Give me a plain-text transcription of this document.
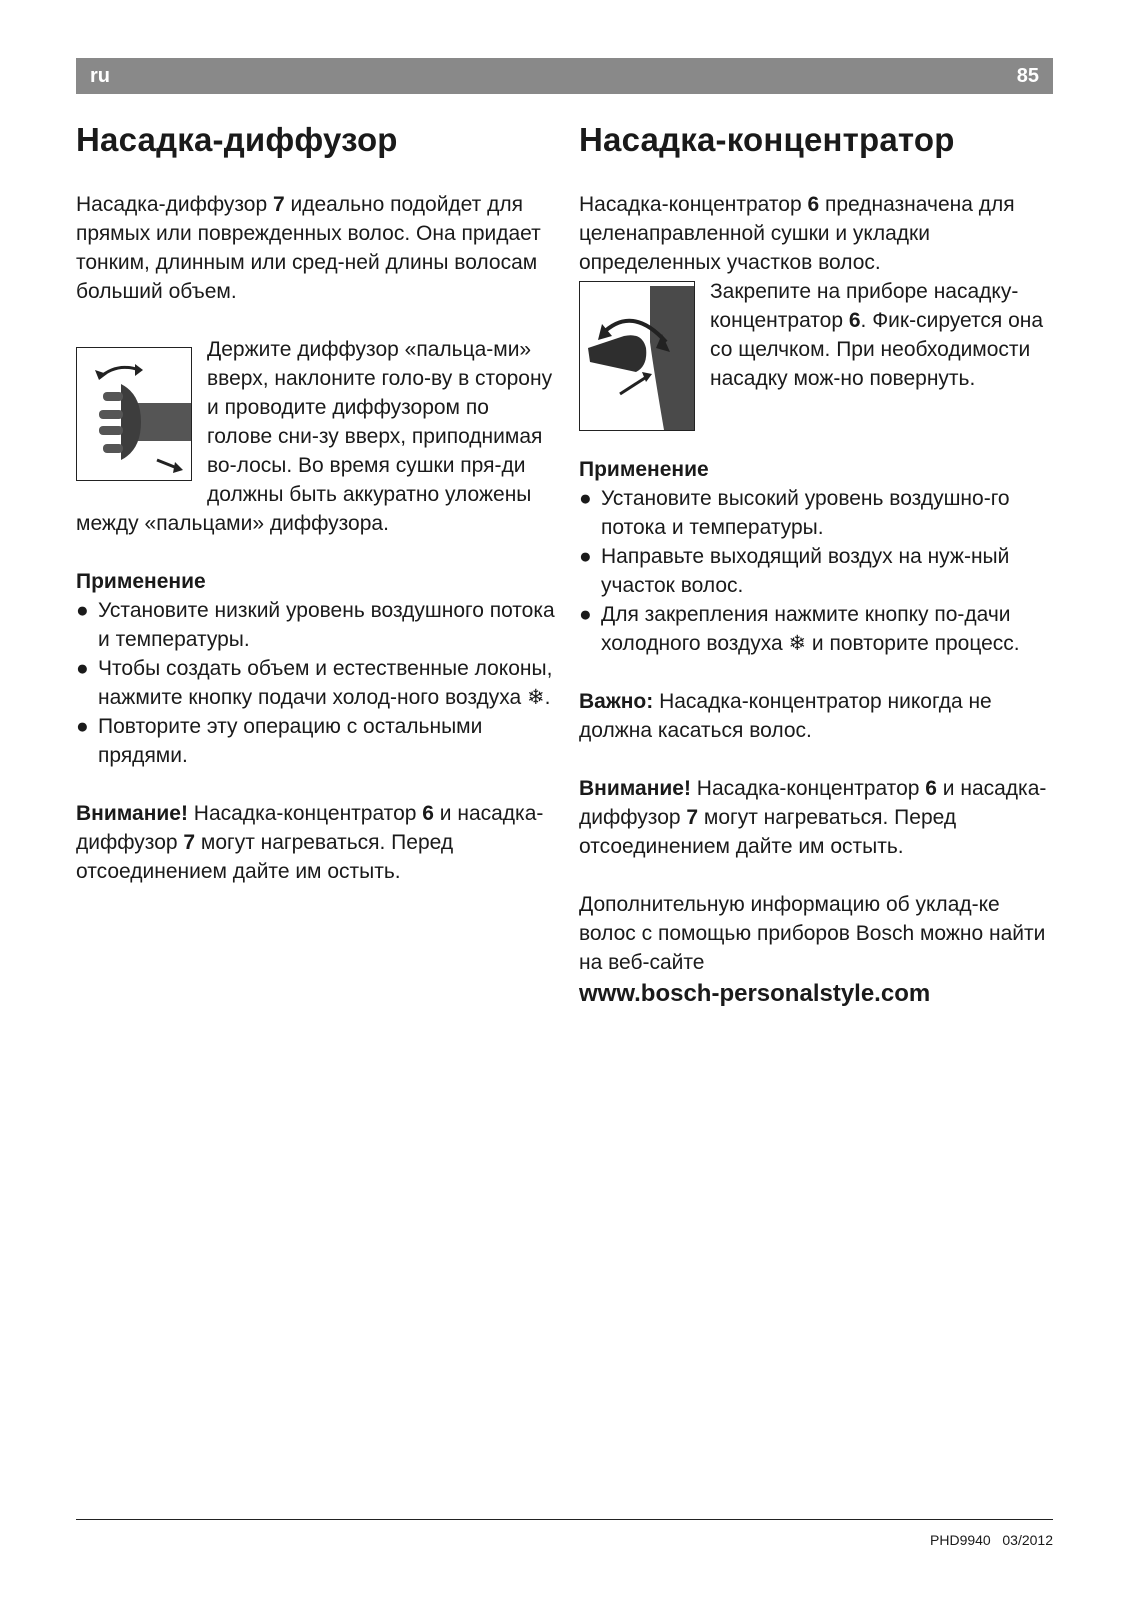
ru	85
Насадка-диффузор

Насадка-диффузор 7 идеально подойдет для прямых или поврежденных волос. Она придает тонким, длинным или сред-ней длины волосам больший объем.

Держите диффузор «пальца-ми» вверх, наклоните голо-ву в сторону и проводите диффузором по голове сни-зу вверх, приподнимая во-лосы. Во время сушки пря-ди должны быть аккуратно уложены между «пальцами» диффузора.

Применение

● Установите низкий уровень воздушного потока и температуры.
● Чтобы создать объем и естественные локоны, нажмите кнопку подачи холод-ного воздуха ❄.
● Повторите эту операцию с остальными прядями.

Внимание! Насадка-концентратор 6 и насадка-диффузор 7 могут нагреваться. Перед отсоединением дайте им остыть.

Насадка-концентратор

Насадка-концентратор 6 предназначена для целенаправленной сушки и укладки определенных участков волос.

Закрепите на приборе насадку-концентратор 6. Фик-сируется она со щелчком. При необходимости насадку мож-но повернуть.

Применение

● Установите высокий уровень воздушно-го потока и температуры.
● Направьте выходящий воздух на нуж-ный участок волос.
● Для закрепления нажмите кнопку по-дачи холодного воздуха ❄ и повторите процесс.

Важно: Насадка-концентратор никогда не должна касаться волос.

Внимание! Насадка-концентратор 6 и насадка-диффузор 7 могут нагреваться. Перед отсоединением дайте им остыть.

Дополнительную информацию об уклад-ке волос с помощью приборов Bosch можно найти на веб-сайте

www.bosch-personalstyle.com

PHD9940 03/2012
